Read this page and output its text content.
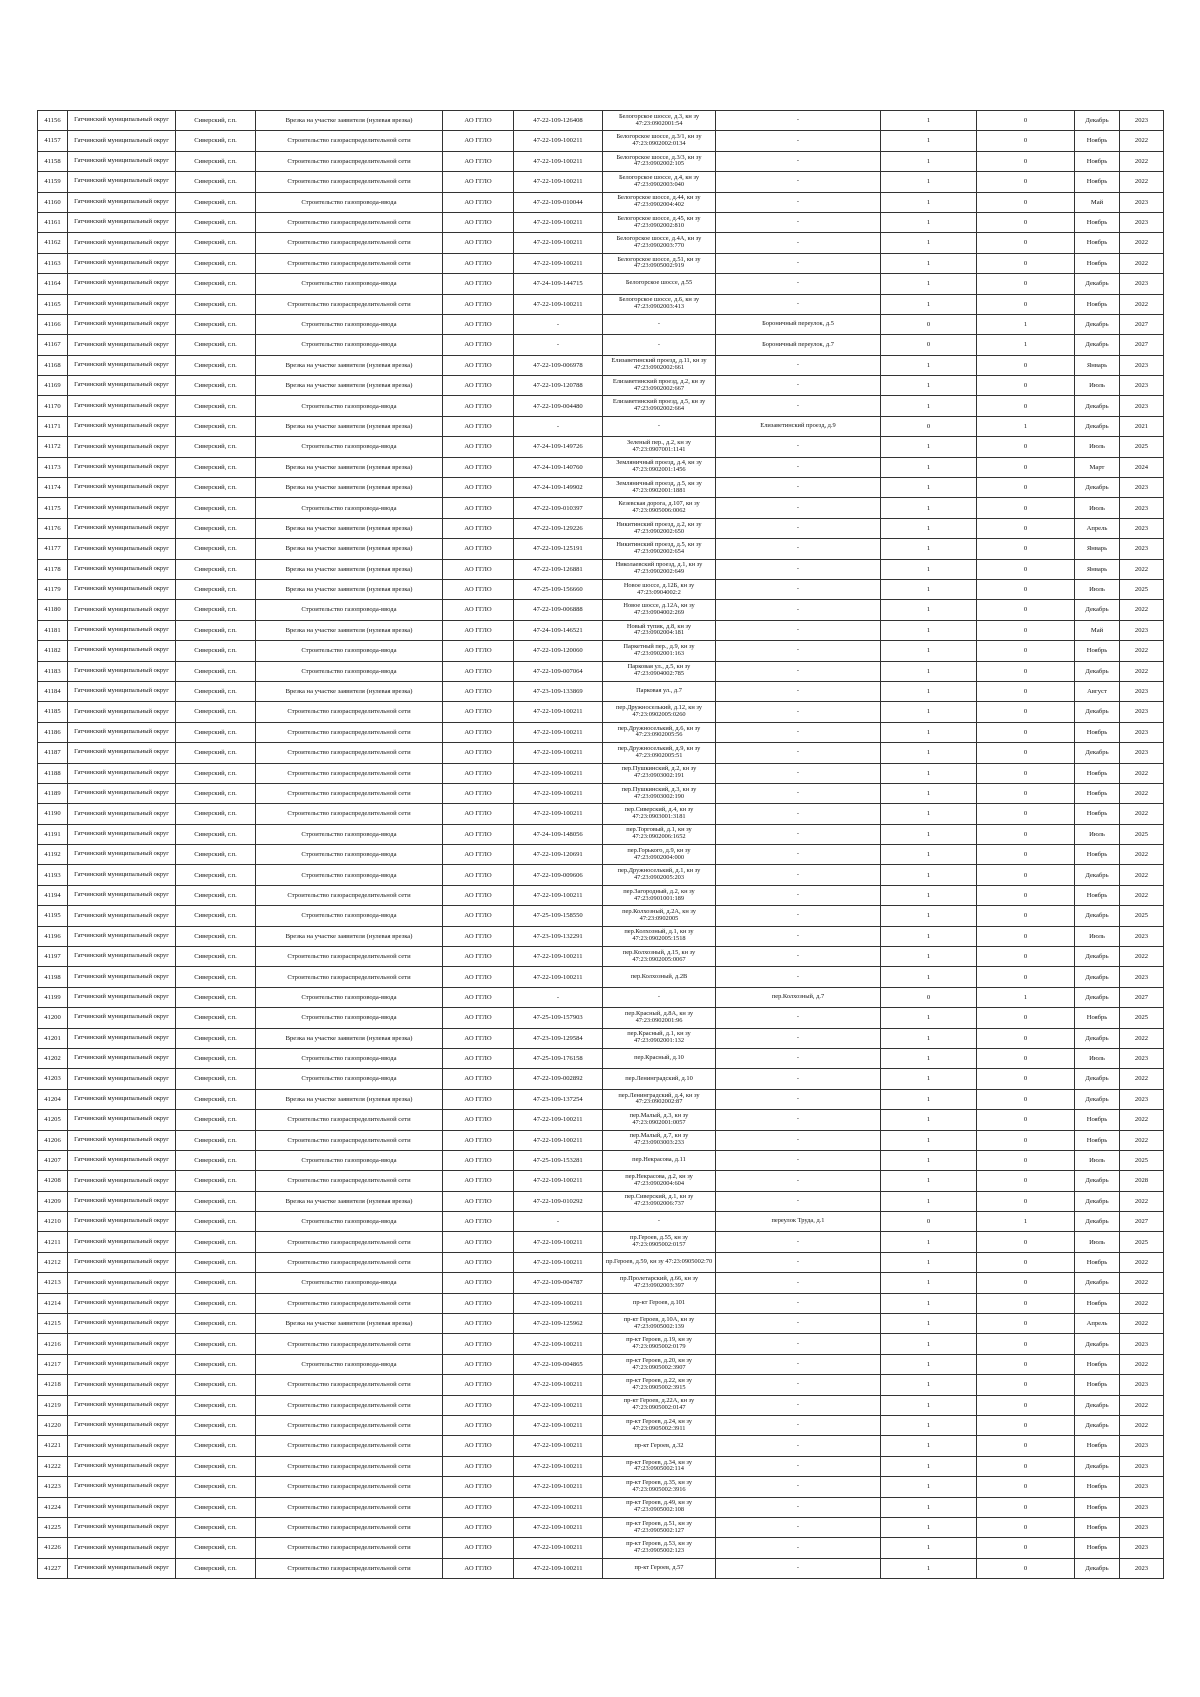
41156	Гатчинский муниципальный округ	Сиверский, г.п.	Врезка на участке заявителя (нулевая врезка)	АО ГГЛО	47-22-109-126408	Белогорское шоссе, д.3, кн зу 47:23:0902001:54	-	1	0	Декабрь	2023
41157	Гатчинский муниципальный округ	Сиверский, г.п.	Строительство газораспределительной сети	АО ГГЛО	47-22-109-100211	Белогорское шоссе, д.3/1, кн зу 47:23:0902002:0134	-	1	0	Ноябрь	2022
41158	Гатчинский муниципальный округ	Сиверский, г.п.	Строительство газораспределительной сети	АО ГГЛО	47-22-109-100211	Белогорское шоссе, д.3/3, кн зу 47:23:0902002:105	-	1	0	Ноябрь	2022
41159	Гатчинский муниципальный округ	Сиверский, г.п.	Строительство газораспределительной сети	АО ГГЛО	47-22-109-100211	Белогорское шоссе, д.4, кн зу 47:23:0902003:040	-	1	0	Ноябрь	2022
41160	Гатчинский муниципальный округ	Сиверский, г.п.	Строительство газопровода-ввода	АО ГГЛО	47-22-109-010044	Белогорское шоссе, д.44, кн зу 47:23:0902004:402	-	1	0	Май	2023
41161	Гатчинский муниципальный округ	Сиверский, г.п.	Строительство газораспределительной сети	АО ГГЛО	47-22-109-100211	Белогорское шоссе, д.45, кн зу 47:23:0902002:810	-	1	0	Ноябрь	2023
41162	Гатчинский муниципальный округ	Сиверский, г.п.	Строительство газораспределительной сети	АО ГГЛО	47-22-109-100211	Белогорское шоссе, д.4А, кн зу 47:23:0902003:770	-	1	0	Ноябрь	2022
41163	Гатчинский муниципальный округ	Сиверский, г.п.	Строительство газораспределительной сети	АО ГГЛО	47-22-109-100211	Белогорское шоссе, д.51, кн зу 47:23:0905002:919	-	1	0	Ноябрь	2022
41164	Гатчинский муниципальный округ	Сиверский, г.п.	Строительство газопровода-ввода	АО ГГЛО	47-24-109-144715	Белогорское шоссе, д.55	-	1	0	Декабрь	2023
41165	Гатчинский муниципальный округ	Сиверский, г.п.	Строительство газораспределительной сети	АО ГГЛО	47-22-109-100211	Белогорское шоссе, д.6, кн зу 47:23:0902003:413	-	1	0	Ноябрь	2022
41166	Гатчинский муниципальный округ	Сиверский, г.п.	Строительство газопровода-ввода	АО ГГЛО	-	-	Бороничный переулок, д.5	0	1	Декабрь	2027
41167	Гатчинский муниципальный округ	Сиверский, г.п.	Строительство газопровода-ввода	АО ГГЛО	-	-	Бороничный переулок, д.7	0	1	Декабрь	2027
41168	Гатчинский муниципальный округ	Сиверский, г.п.	Врезка на участке заявителя (нулевая врезка)	АО ГГЛО	47-22-109-006978	Елизаветинский проезд, д.11, кн зу 47:23:0902002:661	-	1	0	Январь	2023
41169	Гатчинский муниципальный округ	Сиверский, г.п.	Врезка на участке заявителя (нулевая врезка)	АО ГГЛО	47-22-109-120788	Елизаветинский проезд, д.2, кн зу 47:23:0902002:667	-	1	0	Июль	2023
41170	Гатчинский муниципальный округ	Сиверский, г.п.	Строительство газопровода-ввода	АО ГГЛО	47-22-109-004480	Елизаветинский проезд, д.5, кн зу 47:23:0902002:664	-	1	0	Декабрь	2023
41171	Гатчинский муниципальный округ	Сиверский, г.п.	Врезка на участке заявителя (нулевая врезка)	АО ГГЛО	-	-	Елизаветинский проезд, д.9	0	1	Декабрь	2021
41172	Гатчинский муниципальный округ	Сиверский, г.п.	Строительство газопровода-ввода	АО ГГЛО	47-24-109-149726	Зеленый пер., д.2, кн зу 47:23:0907001:1141	-	1	0	Июль	2025
41173	Гатчинский муниципальный округ	Сиверский, г.п.	Врезка на участке заявителя (нулевая врезка)	АО ГГЛО	47-24-109-140760	Земляничный проезд, д.4, кн зу 47:23:0902001:1456	-	1	0	Март	2024
41174	Гатчинский муниципальный округ	Сиверский, г.п.	Врезка на участке заявителя (нулевая врезка)	АО ГГЛО	47-24-109-149902	Земляничный проезд, д.5, кн зу 47:23:0902001:1881	-	1	0	Декабрь	2023
41175	Гатчинский муниципальный округ	Сиверский, г.п.	Строительство газопровода-ввода	АО ГГЛО	47-22-109-010397	Кезевская дорога, д.107, кн зу 47:23:0905006:0062	-	1	0	Июль	2023
41176	Гатчинский муниципальный округ	Сиверский, г.п.	Врезка на участке заявителя (нулевая врезка)	АО ГГЛО	47-22-109-129226	Никитинский проезд, д.2, кн зу 47:23:0902002:650	-	1	0	Апрель	2023
41177	Гатчинский муниципальный округ	Сиверский, г.п.	Врезка на участке заявителя (нулевая врезка)	АО ГГЛО	47-22-109-125191	Никитинский проезд, д.5, кн зу 47:23:0902002:654	-	1	0	Январь	2023
41178	Гатчинский муниципальный округ	Сиверский, г.п.	Врезка на участке заявителя (нулевая врезка)	АО ГГЛО	47-22-109-126881	Николаевский проезд, д.1, кн зу 47:23:0902002:649	-	1	0	Январь	2022
41179	Гатчинский муниципальный округ	Сиверский, г.п.	Врезка на участке заявителя (нулевая врезка)	АО ГГЛО	47-25-109-156660	Новое шоссе, д.12Б, кн зу 47:23:0904002:2	-	1	0	Июль	2025
41180	Гатчинский муниципальный округ	Сиверский, г.п.	Строительство газопровода-ввода	АО ГГЛО	47-22-109-006888	Новое шоссе, д.12А, кн зу 47:23:0904002:269	-	1	0	Декабрь	2022
41181	Гатчинский муниципальный округ	Сиверский, г.п.	Врезка на участке заявителя (нулевая врезка)	АО ГГЛО	47-24-109-146521	Новый тупик, д.8, кн зу 47:23:0902004:181	-	1	0	Май	2023
41182	Гатчинский муниципальный округ	Сиверский, г.п.	Строительство газопровода-ввода	АО ГГЛО	47-22-109-120060	Паркетный пер., д.9, кн зу 47:23:0902001:163	-	1	0	Ноябрь	2022
41183	Гатчинский муниципальный округ	Сиверский, г.п.	Строительство газопровода-ввода	АО ГГЛО	47-22-109-007064	Парковая ул., д.5, кн зу 47:23:0904002:785	-	1	0	Декабрь	2022
41184	Гатчинский муниципальный округ	Сиверский, г.п.	Врезка на участке заявителя (нулевая врезка)	АО ГГЛО	47-23-109-133869	Парковая ул., д.7	-	1	0	Август	2023
41185	Гатчинский муниципальный округ	Сиверский, г.п.	Строительство газораспределительной сети	АО ГГЛО	47-22-109-100211	пер.Дружноселький, д.12, кн зу 47:23:0902005:0260	-	1	0	Декабрь	2023
41186	Гатчинский муниципальный округ	Сиверский, г.п.	Строительство газораспределительной сети	АО ГГЛО	47-22-109-100211	пер.Дружноселький, д.6, кн зу 47:23:0902005:56	-	1	0	Ноябрь	2023
41187	Гатчинский муниципальный округ	Сиверский, г.п.	Строительство газораспределительной сети	АО ГГЛО	47-22-109-100211	пер.Дружноселький, д.9, кн зу 47:23:0902005:51	-	1	0	Декабрь	2023
41188	Гатчинский муниципальный округ	Сиверский, г.п.	Строительство газораспределительной сети	АО ГГЛО	47-22-109-100211	пер.Пушкинский, д.2, кн зу 47:23:0903002:191	-	1	0	Ноябрь	2022
41189	Гатчинский муниципальный округ	Сиверский, г.п.	Строительство газораспределительной сети	АО ГГЛО	47-22-109-100211	пер.Пушкинский, д.3, кн зу 47:23:0903002:190	-	1	0	Ноябрь	2022
41190	Гатчинский муниципальный округ	Сиверский, г.п.	Строительство газораспределительной сети	АО ГГЛО	47-22-109-100211	пер.Сиверский, д.4, кн зу 47:23:0903001:3181	-	1	0	Ноябрь	2022
41191	Гатчинский муниципальный округ	Сиверский, г.п.	Строительство газопровода-ввода	АО ГГЛО	47-24-109-148056	пер.Торговый, д.1, кн зу 47:23:0902006:1652	-	1	0	Июль	2025
41192	Гатчинский муниципальный округ	Сиверский, г.п.	Строительство газопровода-ввода	АО ГГЛО	47-22-109-120691	пер.Горького, д.9, кн зу 47:23:0902004:000	-	1	0	Ноябрь	2022
41193	Гатчинский муниципальный округ	Сиверский, г.п.	Строительство газопровода-ввода	АО ГГЛО	47-22-109-009606	пер.Дружноселький, д.1, кн зу 47:23:0902005:203	-	1	0	Декабрь	2022
41194	Гатчинский муниципальный округ	Сиверский, г.п.	Строительство газораспределительной сети	АО ГГЛО	47-22-109-100211	пер.Загородный, д.2, кн зу 47:23:0901001:189	-	1	0	Ноябрь	2022
41195	Гатчинский муниципальный округ	Сиверский, г.п.	Строительство газопровода-ввода	АО ГГЛО	47-25-109-158550	пер.Колхозный, д.2А, кн зу 47:23:0902005	-	1	0	Декабрь	2025
41196	Гатчинский муниципальный округ	Сиверский, г.п.	Врезка на участке заявителя (нулевая врезка)	АО ГГЛО	47-23-109-132291	пер.Колхозный, д.1, кн зу 47:23:0902005:1518	-	1	0	Июль	2023
41197	Гатчинский муниципальный округ	Сиверский, г.п.	Строительство газораспределительной сети	АО ГГЛО	47-22-109-100211	пер.Колхозный, д.15, кн зу 47:23:0902005:0067	-	1	0	Декабрь	2022
41198	Гатчинский муниципальный округ	Сиверский, г.п.	Строительство газораспределительной сети	АО ГГЛО	47-22-109-100211	пер.Колхозный, д.2В	-	1	0	Декабрь	2023
41199	Гатчинский муниципальный округ	Сиверский, г.п.	Строительство газопровода-ввода	АО ГГЛО	-	-	пер.Колхозный, д.7	0	1	Декабрь	2027
41200	Гатчинский муниципальный округ	Сиверский, г.п.	Строительство газопровода-ввода	АО ГГЛО	47-25-109-157903	пер.Красный, д.8А, кн зу 47:23:0902001:96	-	1	0	Ноябрь	2025
41201	Гатчинский муниципальный округ	Сиверский, г.п.	Врезка на участке заявителя (нулевая врезка)	АО ГГЛО	47-23-109-129584	пер.Красный, д.1, кн зу 47:23:0902001:132	-	1	0	Декабрь	2022
41202	Гатчинский муниципальный округ	Сиверский, г.п.	Строительство газопровода-ввода	АО ГГЛО	47-25-109-176158	пер.Красный, д.10	-	1	0	Июль	2023
41203	Гатчинский муниципальный округ	Сиверский, г.п.	Строительство газопровода-ввода	АО ГГЛО	47-22-109-002892	пер.Ленинградский, д.10	-	1	0	Декабрь	2022
41204	Гатчинский муниципальный округ	Сиверский, г.п.	Врезка на участке заявителя (нулевая врезка)	АО ГГЛО	47-23-109-137254	пер.Ленинградский, д.4, кн зу 47:23:0902002:87	-	1	0	Декабрь	2023
41205	Гатчинский муниципальный округ	Сиверский, г.п.	Строительство газораспределительной сети	АО ГГЛО	47-22-109-100211	пер.Малый, д.3, кн зу 47:23:0902001:0057	-	1	0	Ноябрь	2022
41206	Гатчинский муниципальный округ	Сиверский, г.п.	Строительство газораспределительной сети	АО ГГЛО	47-22-109-100211	пер.Малый, д.7, кн зу 47:23:0903003:233	-	1	0	Ноябрь	2022
41207	Гатчинский муниципальный округ	Сиверский, г.п.	Строительство газопровода-ввода	АО ГГЛО	47-25-109-153281	пер.Некрасова, д.11	-	1	0	Июль	2025
41208	Гатчинский муниципальный округ	Сиверский, г.п.	Строительство газораспределительной сети	АО ГГЛО	47-22-109-100211	пер.Некрасова, д.2, кн зу 47:23:0902004:604	-	1	0	Декабрь	2028
41209	Гатчинский муниципальный округ	Сиверский, г.п.	Врезка на участке заявителя (нулевая врезка)	АО ГГЛО	47-22-109-010292	пер.Сиверский, д.1, кн зу 47:23:0902006:737	-	1	0	Декабрь	2022
41210	Гатчинский муниципальный округ	Сиверский, г.п.	Строительство газопровода-ввода	АО ГГЛО	-	-	переулок Труда, д.1	0	1	Декабрь	2027
41211	Гатчинский муниципальный округ	Сиверский, г.п.	Строительство газораспределительной сети	АО ГГЛО	47-22-109-100211	пр.Героев, д.55, кн зу 47:23:0905002:0157	-	1	0	Июль	2025
41212	Гатчинский муниципальный округ	Сиверский, г.п.	Строительство газораспределительной сети	АО ГГЛО	47-22-109-100211	пр.Героев, д.59, кн зу 47:23:0905002:70	-	1	0	Ноябрь	2022
41213	Гатчинский муниципальный округ	Сиверский, г.п.	Строительство газопровода-ввода	АО ГГЛО	47-22-109-004787	пр.Пролетарский, д.66, кн зу 47:23:0902003:397	-	1	0	Декабрь	2022
41214	Гатчинский муниципальный округ	Сиверский, г.п.	Строительство газораспределительной сети	АО ГГЛО	47-22-109-100211	пр-кт Героев, д.101	-	1	0	Ноябрь	2022
41215	Гатчинский муниципальный округ	Сиверский, г.п.	Врезка на участке заявителя (нулевая врезка)	АО ГГЛО	47-22-109-125962	пр-кт Героев, д.10А, кн зу 47:23:0905002:139	-	1	0	Апрель	2022
41216	Гатчинский муниципальный округ	Сиверский, г.п.	Строительство газораспределительной сети	АО ГГЛО	47-22-109-100211	пр-кт Героев, д.19, кн зу 47:23:0905002:0179	-	1	0	Декабрь	2023
41217	Гатчинский муниципальный округ	Сиверский, г.п.	Строительство газопровода-ввода	АО ГГЛО	47-22-109-004865	пр-кт Героев, д.20, кн зу 47:23:0905002:3907	-	1	0	Ноябрь	2022
41218	Гатчинский муниципальный округ	Сиверский, г.п.	Строительство газораспределительной сети	АО ГГЛО	47-22-109-100211	пр-кт Героев, д.22, кн зу 47:23:0905002:3915	-	1	0	Ноябрь	2023
41219	Гатчинский муниципальный округ	Сиверский, г.п.	Строительство газораспределительной сети	АО ГГЛО	47-22-109-100211	пр-кт Героев, д.22А, кн зу 47:23:0905002:0147	-	1	0	Декабрь	2022
41220	Гатчинский муниципальный округ	Сиверский, г.п.	Строительство газораспределительной сети	АО ГГЛО	47-22-109-100211	пр-кт Героев, д.24, кн зу 47:23:0905002:3911	-	1	0	Декабрь	2022
41221	Гатчинский муниципальный округ	Сиверский, г.п.	Строительство газораспределительной сети	АО ГГЛО	47-22-109-100211	пр-кт Героев, д.32	-	1	0	Ноябрь	2023
41222	Гатчинский муниципальный округ	Сиверский, г.п.	Строительство газораспределительной сети	АО ГГЛО	47-22-109-100211	пр-кт Героев, д.34, кн зу 47:23:0905002:114	-	1	0	Декабрь	2023
41223	Гатчинский муниципальный округ	Сиверский, г.п.	Строительство газораспределительной сети	АО ГГЛО	47-22-109-100211	пр-кт Героев, д.35, кн зу 47:23:0905002:3916	-	1	0	Ноябрь	2023
41224	Гатчинский муниципальный округ	Сиверский, г.п.	Строительство газораспределительной сети	АО ГГЛО	47-22-109-100211	пр-кт Героев, д.49, кн зу 47:23:0905002:108	-	1	0	Ноябрь	2023
41225	Гатчинский муниципальный округ	Сиверский, г.п.	Строительство газораспределительной сети	АО ГГЛО	47-22-109-100211	пр-кт Героев, д.51, кн зу 47:23:0905002:127	-	1	0	Ноябрь	2023
41226	Гатчинский муниципальный округ	Сиверский, г.п.	Строительство газораспределительной сети	АО ГГЛО	47-22-109-100211	пр-кт Героев, д.53, кн зу 47:23:0905002:123	-	1	0	Ноябрь	2023
41227	Гатчинский муниципальный округ	Сиверский, г.п.	Строительство газораспределительной сети	АО ГГЛО	47-22-109-100211	пр-кт Героев, д.57	-	1	0	Декабрь	2023
